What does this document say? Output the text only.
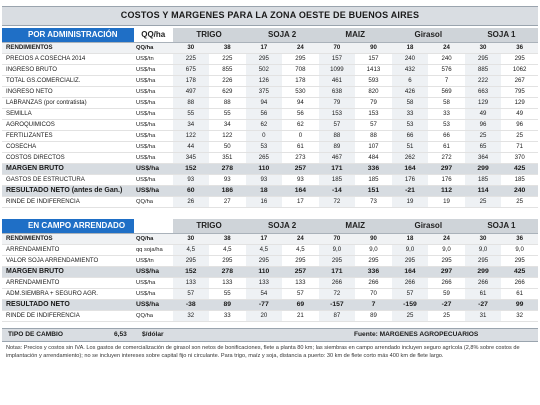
COSTOS Y MARGENES PARA LA ZONA OESTE DE BUENOS AIRES
POR ADMINISTRACIÓN	QQ/ha	TRIGO		SOJA 2		MAIZ		Girasol		SOJA 1	
RENDIMIENTOS	QQ/ha	30	38	17	24	70	90	18	24	30	36
PRECIOS A COSECHA 2014	US$/tn	225	225	295	295	157	157	240	240	295	295
INGRESO BRUTO	US$/ha	675	855	502	708	1099	1413	432	576	885	1062
TOTAL GS.COMERCIALIZ.	US$/ha	178	226	126	178	461	593	6	7	222	267
INGRESO NETO	US$/ha	497	629	375	530	638	820	426	569	663	795
LABRANZAS (por contratista)	US$/ha	88	88	94	94	79	79	58	58	129	129
SEMILLA	US$/ha	55	55	56	56	153	153	33	33	49	49
AGROQUIMICOS	US$/ha	34	34	62	62	57	57	53	53	96	96
FERTILIZANTES	US$/ha	122	122	0	0	88	88	66	66	25	25
COSECHA	US$/ha	44	50	53	61	89	107	51	61	65	71
COSTOS DIRECTOS	US$/ha	345	351	265	273	467	484	262	272	364	370
MARGEN BRUTO	US$/ha	152	278	110	257	171	336	164	297	299	425
GASTOS DE ESTRUCTURA	US$/ha	93	93	93	93	185	185	176	176	185	185
RESULTADO NETO (antes de Gan.)	US$/ha	60	186	18	164	-14	151	-21	112	114	240
RINDE DE INDIFERENCIA	QQ/ha	26	27	16	17	72	73	19	19	25	25
EN CAMPO ARRENDADO		TRIGO		SOJA 2		MAIZ		Girasol		SOJA 1	
RENDIMIENTOS	QQ/ha	30	38	17	24	70	90	18	24	30	36
ARRENDAMIENTO	qq soja/ha	4,5	4,5	4,5	4,5	9,0	9,0	9,0	9,0	9,0	9,0
VALOR SOJA ARRENDAMIENTO	US$/tn	295	295	295	295	295	295	295	295	295	295
MARGEN BRUTO	US$/ha	152	278	110	257	171	336	164	297	299	425
ARRENDAMIENTO	US$/ha	133	133	133	133	266	266	266	266	266	266
ADM.SIEMBRA + SEGURO AGR.	US$/ha	57	55	54	57	72	70	57	59	61	61
RESULTADO NETO	US$/ha	-38	89	-77	69	-157	7	-159	-27	-27	99
RINDE DE INDIFERENCIA	QQ/ha	32	33	20	21	87	89	25	25	31	32
TIPO DE CAMBIO	6,53 $/dólar	Fuente: MARGENES AGROPECUARIOS
Notas: Precios y costos sin IVA. Los gastos de comercialización de girasol son netos de bonificaciones, flete a planta 80 km; las siembras en campo arrendado incluyen seguro agrícola (2,8% sobre costos de implantación y arrendamiento); no se incluyen intereses sobre capital fijo ni circulante. Para trigo, maíz y soja, distancia a puerto: 30 km de flete corto más 400 km de flete largo.
